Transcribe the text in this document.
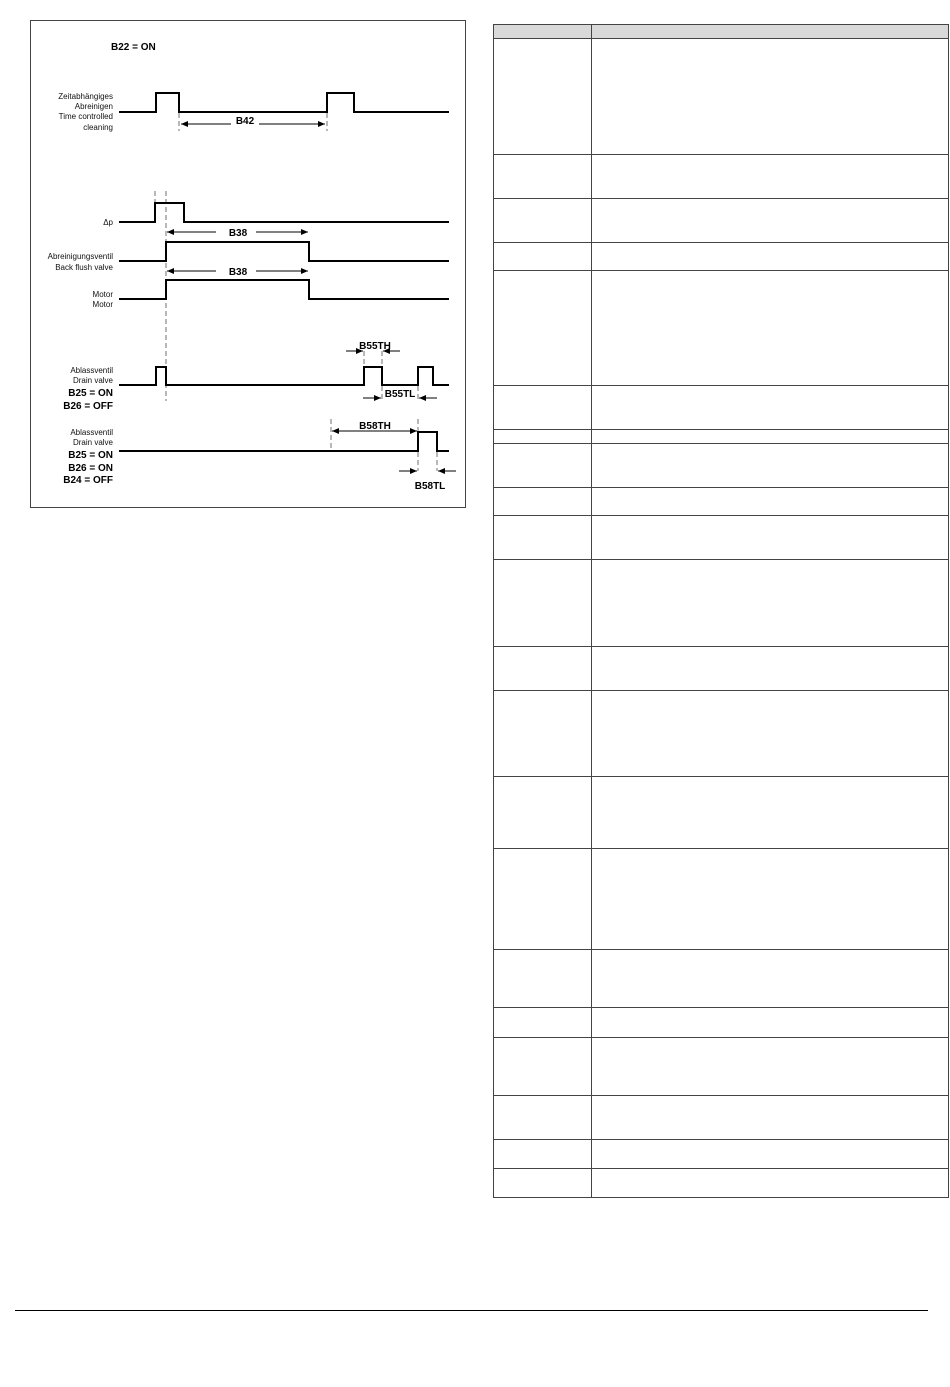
B22 = ON
Zeitabhängiges
Abreinigen
Time controlled
cleaning
B42
Δp
Abreinigungsventil
Back flush valve
B38
Motor
Motor
B38
Ablassventil
Drain valve
B25 = ON
B26 = OFF
B55TH
B55TL
Ablassventil
Drain valve
B25 = ON
B26 = ON
B24 = OFF
B58TH
B58TL
